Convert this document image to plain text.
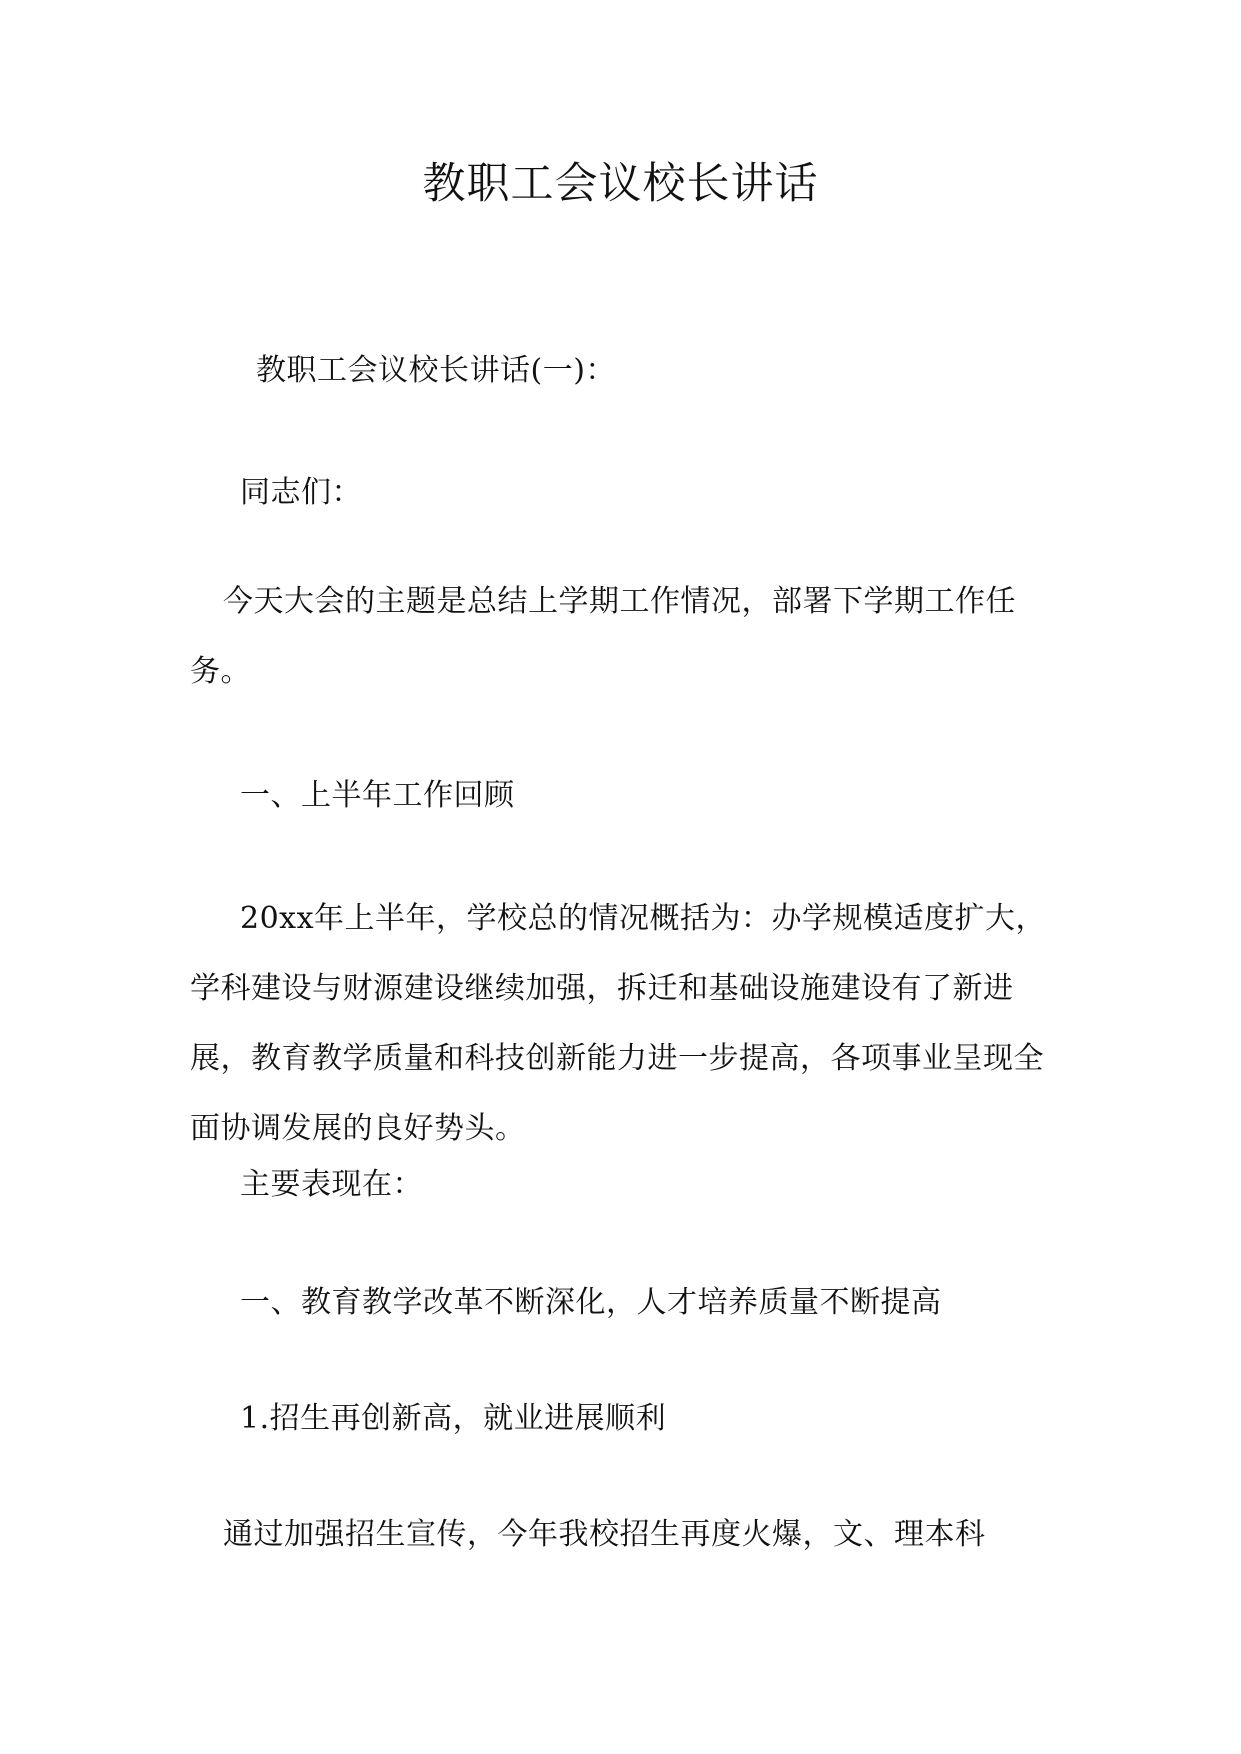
教职工会议校长讲话
教职工会议校长讲话(一)：
同志们：
今天大会的主题是总结上学期工作情况，部署下学期工作任务。
一、上半年工作回顾
20xx年上半年，学校总的情况概括为：办学规模适度扩大，学科建设与财源建设继续加强，拆迁和基础设施建设有了新进展，教育教学质量和科技创新能力进一步提高，各项事业呈现全面协调发展的良好势头。
主要表现在：
一、教育教学改革不断深化，人才培养质量不断提高
1.招生再创新高，就业进展顺利
通过加强招生宣传，今年我校招生再度火爆，文、理本科
